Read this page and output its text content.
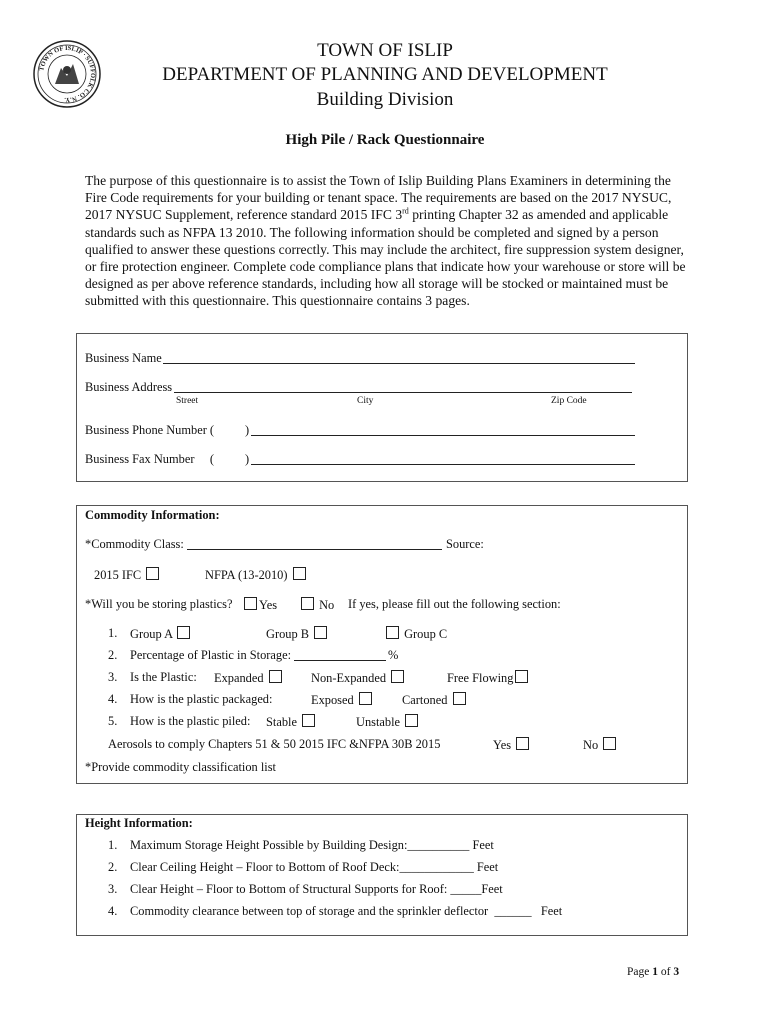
TOWN OF ISLIP · SUFFOLK CO. N.Y.
TOWN OF ISLIP
DEPARTMENT OF PLANNING AND DEVELOPMENT
Building Division
High Pile / Rack Questionnaire
The purpose of this questionnaire is to assist the Town of Islip Building Plans Examiners in determining the Fire Code requirements for your building or tenant space. The requirements are based on the 2017 NYSUC, 2017 NYSUC Supplement, reference standard 2015 IFC 3rd printing Chapter 32 as amended and applicable standards such as NFPA 13 2010. The following information should be completed and signed by a person qualified to answer these questions correctly. This may include the architect, fire suppression system designer, or fire protection engineer. Complete code compliance plans that indicate how your warehouse or store will be designed as per above reference standards, including how all storage will be stocked or maintained must be submitted with this questionnaire. This questionnaire contains 3 pages.
Business Name
Business Address
Street	City	Zip Code
Business Phone Number ( )
Business Fax Number     ( )
Commodity Information:
*Commodity Class:	Source:
2015 IFC	NFPA (13-2010)
*Will you be storing plastics?	Yes	No If yes, please fill out the following section:
1. Group A	Group B	Group C
2. Percentage of Plastic in Storage:	%
3. Is the Plastic: Expanded	Non-Expanded	Free Flowing
4. How is the plastic packaged:	Exposed	Cartoned
5. How is the plastic piled: Stable	Unstable
Aerosols to comply Chapters 51 & 50 2015 IFC &NFPA 30B 2015	Yes	No
*Provide commodity classification list
Height Information:
1. Maximum Storage Height Possible by Building Design:__________ Feet
2. Clear Ceiling Height – Floor to Bottom of Roof Deck:____________ Feet
3. Clear Height – Floor to Bottom of Structural Supports for Roof: _____Feet
4. Commodity clearance between top of storage and the sprinkler deflector  ______   Feet
Page 1 of 3
